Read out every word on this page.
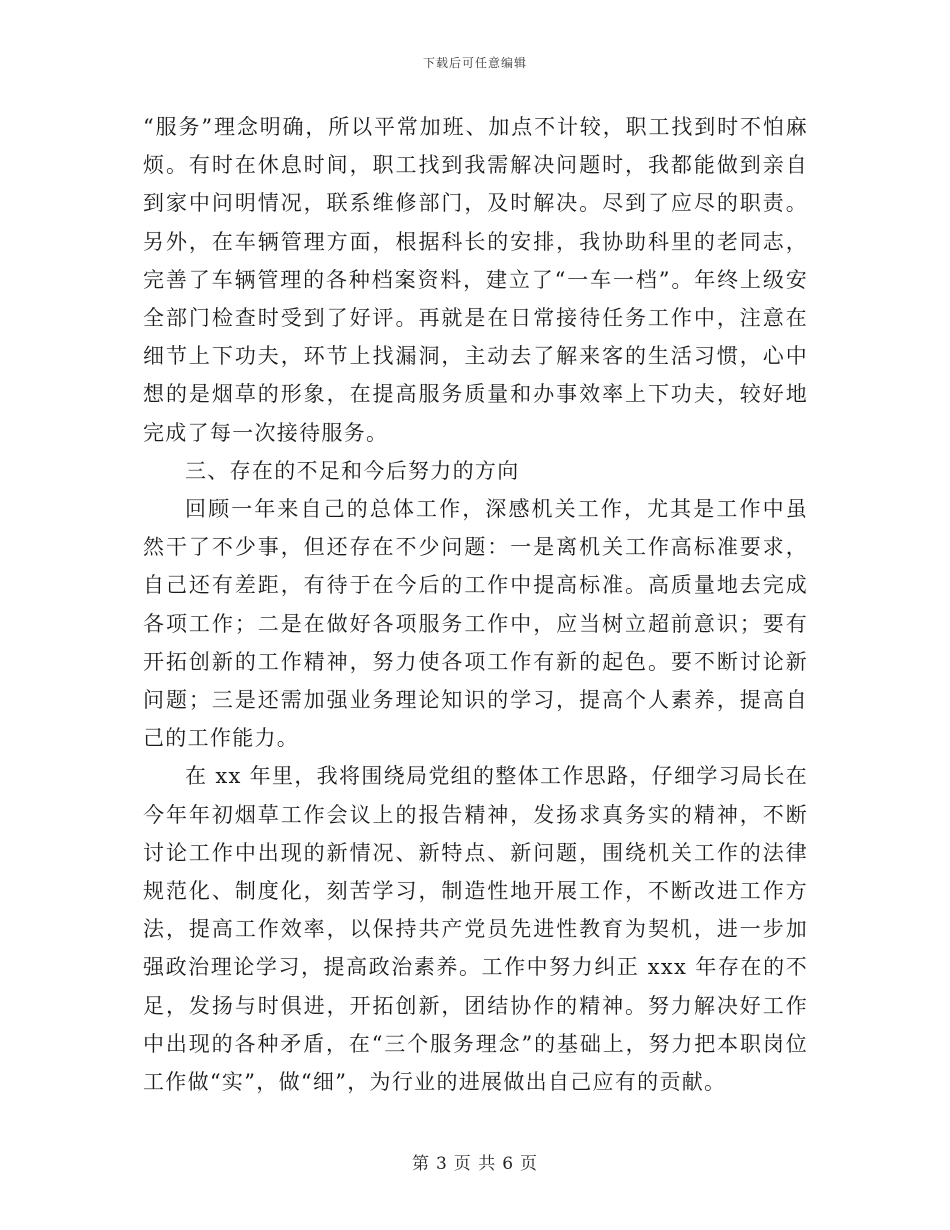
下载后可任意编辑

“服务”理念明确，所以平常加班、加点不计较，职工找到时不怕麻烦。有时在休息时间，职工找到我需解决问题时，我都能做到亲自到家中问明情况，联系维修部门，及时解决。尽到了应尽的职责。另外，在车辆管理方面，根据科长的安排，我协助科里的老同志，完善了车辆管理的各种档案资料，建立了“一车一档”。年终上级安全部门检查时受到了好评。再就是在日常接待任务工作中，注意在细节上下功夫，环节上找漏洞，主动去了解来客的生活习惯，心中想的是烟草的形象，在提高服务质量和办事效率上下功夫，较好地完成了每一次接待服务。

三、存在的不足和今后努力的方向

回顾一年来自己的总体工作，深感机关工作，尤其是工作中虽然干了不少事，但还存在不少问题：一是离机关工作高标准要求，自己还有差距，有待于在今后的工作中提高标准。高质量地去完成各项工作；二是在做好各项服务工作中，应当树立超前意识；要有开拓创新的工作精神，努力使各项工作有新的起色。要不断讨论新问题；三是还需加强业务理论知识的学习，提高个人素养，提高自己的工作能力。

在 xx 年里，我将围绕局党组的整体工作思路，仔细学习局长在今年年初烟草工作会议上的报告精神，发扬求真务实的精神，不断讨论工作中出现的新情况、新特点、新问题，围绕机关工作的法律规范化、制度化，刻苦学习，制造性地开展工作，不断改进工作方法，提高工作效率，以保持共产党员先进性教育为契机，进一步加强政治理论学习，提高政治素养。工作中努力纠正 xxx 年存在的不足，发扬与时俱进，开拓创新，团结协作的精神。努力解决好工作中出现的各种矛盾，在“三个服务理念”的基础上，努力把本职岗位工作做“实”，做“细”，为行业的进展做出自己应有的贡献。

第 3 页 共 6 页
